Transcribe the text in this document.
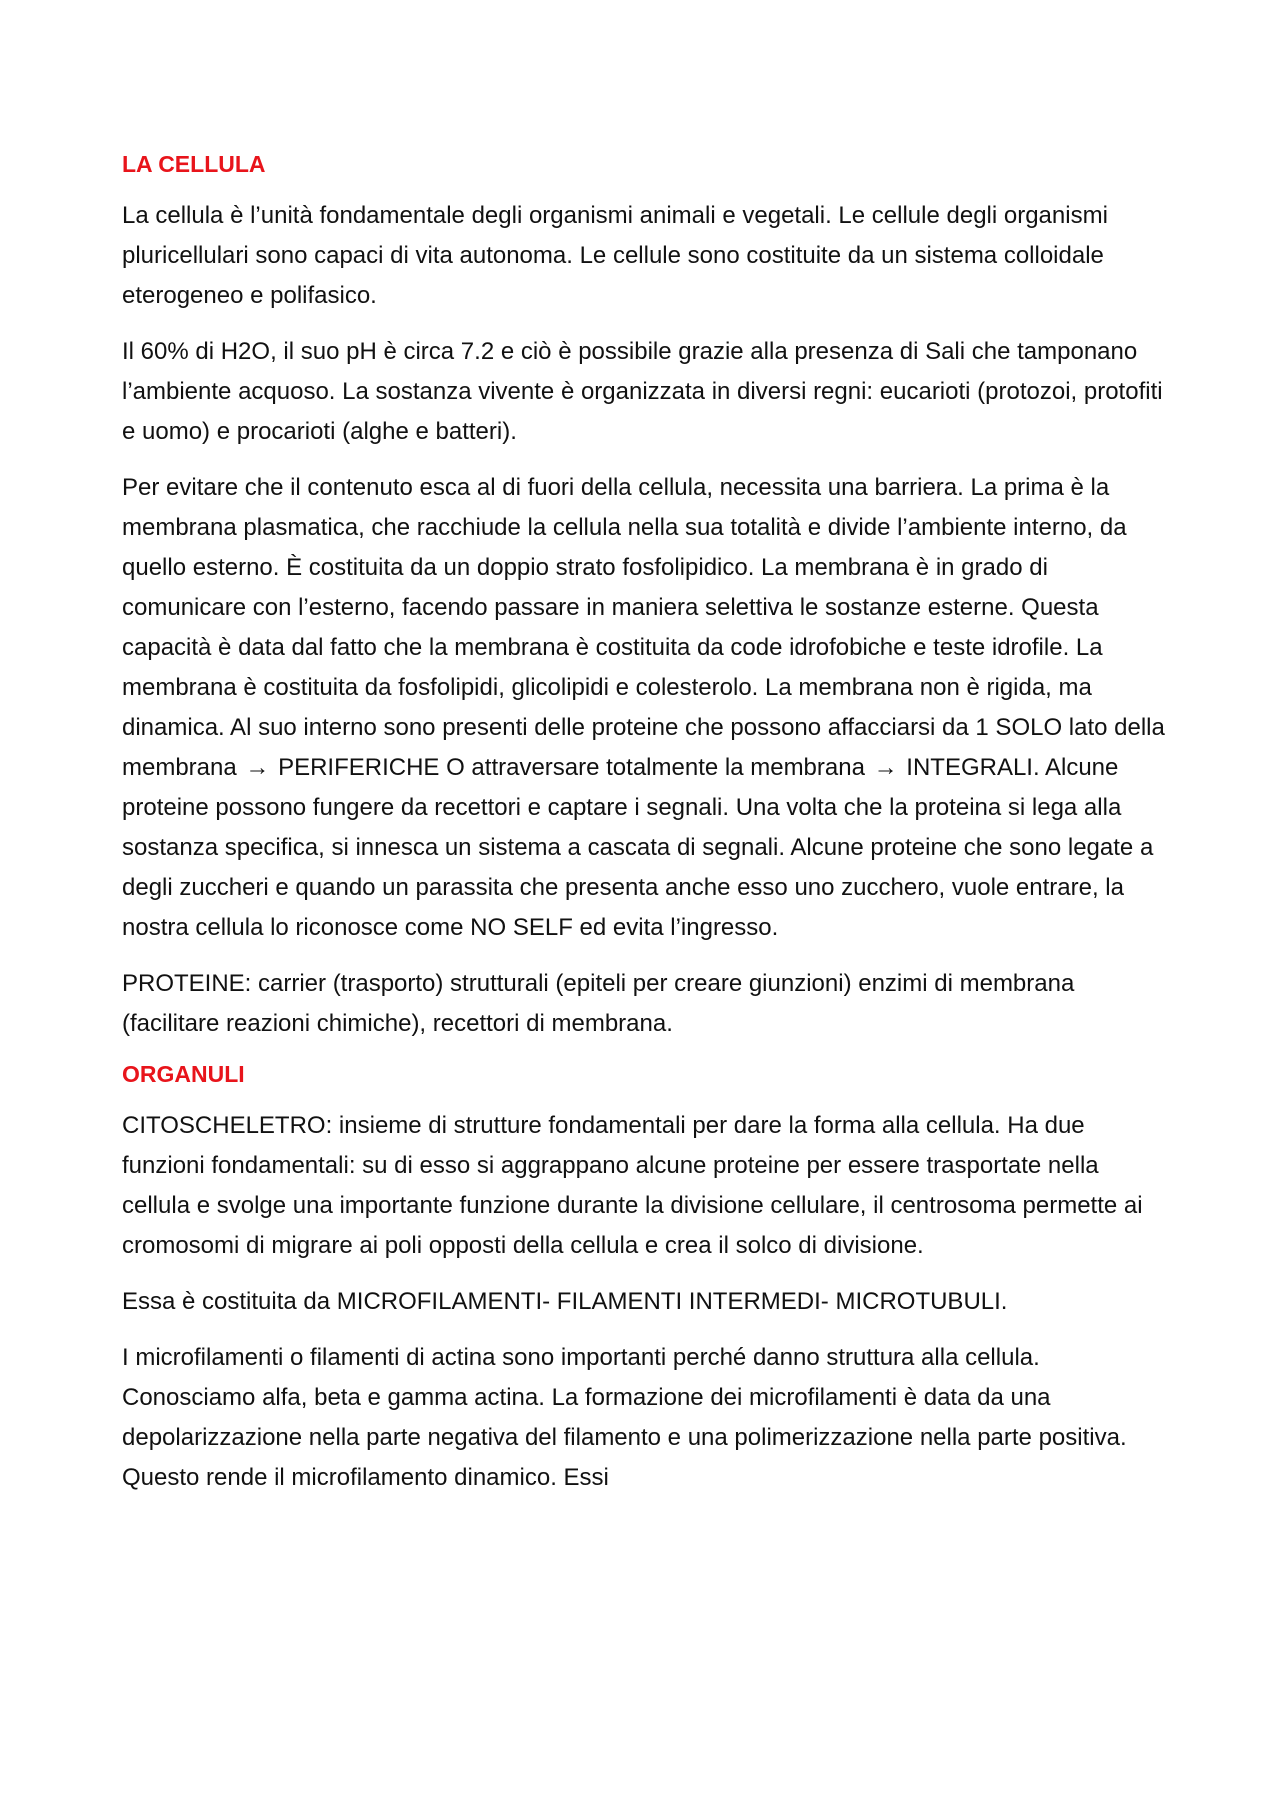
LA CELLULA

La cellula è l’unità fondamentale degli organismi animali e vegetali. Le cellule degli organismi pluricellulari sono capaci di vita autonoma. Le cellule sono costituite da un sistema colloidale eterogeneo e polifasico.

Il 60% di H2O, il suo pH è circa 7.2 e ciò è possibile grazie alla presenza di Sali che tamponano l’ambiente acquoso. La sostanza vivente è organizzata in diversi regni: eucarioti (protozoi, protofiti e uomo) e procarioti (alghe e batteri).

Per evitare che il contenuto esca al di fuori della cellula, necessita una barriera. La prima è la membrana plasmatica, che racchiude la cellula nella sua totalità e divide l’ambiente interno, da quello esterno. È costituita da un doppio strato fosfolipidico. La membrana è in grado di comunicare con l’esterno, facendo passare in maniera selettiva le sostanze esterne. Questa capacità è data dal fatto che la membrana è costituita da code idrofobiche e teste idrofile. La membrana è costituita da fosfolipidi, glicolipidi e colesterolo. La membrana non è rigida, ma dinamica. Al suo interno sono presenti delle proteine che possono affacciarsi da 1 SOLO lato della membrana → PERIFERICHE O attraversare totalmente la membrana → INTEGRALI. Alcune proteine possono fungere da recettori e captare i segnali. Una volta che la proteina si lega alla sostanza specifica, si innesca un sistema a cascata di segnali. Alcune proteine che sono legate a degli zuccheri e quando un parassita che presenta anche esso uno zucchero, vuole entrare, la nostra cellula lo riconosce come NO SELF ed evita l’ingresso.

PROTEINE: carrier (trasporto) strutturali (epiteli per creare giunzioni) enzimi di membrana (facilitare reazioni chimiche), recettori di membrana.

ORGANULI

CITOSCHELETRO: insieme di strutture fondamentali per dare la forma alla cellula. Ha due funzioni fondamentali: su di esso si aggrappano alcune proteine per essere trasportate nella cellula e svolge una importante funzione durante la divisione cellulare, il centrosoma permette ai cromosomi di migrare ai poli opposti della cellula e crea il solco di divisione.

Essa è costituita da MICROFILAMENTI- FILAMENTI INTERMEDI- MICROTUBULI.

I microfilamenti o filamenti di actina sono importanti perché danno struttura alla cellula. Conosciamo alfa, beta e gamma actina. La formazione dei microfilamenti è data da una depolarizzazione nella parte negativa del filamento e una polimerizzazione nella parte positiva. Questo rende il microfilamento dinamico. Essi
